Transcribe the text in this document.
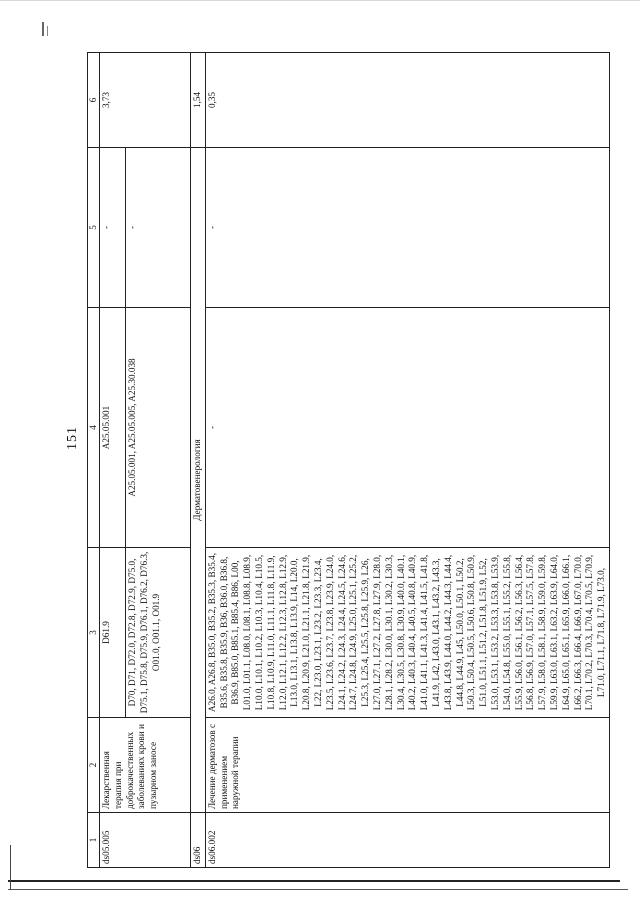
151
1	2	3	4	5	6
ds05.005	Лекарственная терапия при доброкачественных заболеваниях крови и пузырном заносе	D61.9	A25.05.001	-	3,73
		D70, D71, D72.0, D72.8, D72.9, D75.0, D75.1, D75.8, D75.9, D76.1, D76.2, D76.3, O01.0, O01.1, O01.9	A25.05.001, A25.05.005, A25.30.038	-	
ds06	Дерматовенерология				1,54
ds06.002	Лечение дерматозов с применением наружной терапии	A26.0, A26.8, B35.0, B35.2, B35.3, B35.4, B35.6, B35.8, B35.9, B36, B36.0, B36.8, B36.9, B85.0, B85.1, B85.4, B86, L00, L01.0, L01.1, L08.0, L08.1, L08.8, L08.9, L10.0, L10.1, L10.2, L10.3, L10.4, L10.5, L10.8, L10.9, L11.0, L11.1, L11.8, L11.9, L12.0, L12.1, L12.2, L12.3, L12.8, L12.9, L13.0, L13.1, L13.8, L13.9, L14, L20.0, L20.8, L20.9, L21.0, L21.1, L21.8, L21.9, L22, L23.0, L23.1, L23.2, L23.3, L23.4, L23.5, L23.6, L23.7, L23.8, L23.9, L24.0, L24.1, L24.2, L24.3, L24.4, L24.5, L24.6, L24.7, L24.8, L24.9, L25.0, L25.1, L25.2, L25.3, L25.4, L25.5, L25.8, L25.9, L26, L27.0, L27.1, L27.2, L27.8, L27.9, L28.0, L28.1, L28.2, L30.0, L30.1, L30.2, L30.3, L30.4, L30.5, L30.8, L30.9, L40.0, L40.1, L40.2, L40.3, L40.4, L40.5, L40.8, L40.9, L41.0, L41.1, L41.3, L41.4, L41.5, L41.8, L41.9, L42, L43.0, L43.1, L43.2, L43.3, L43.8, L43.9, L44.0, L44.2, L44.3, L44.4, L44.8, L44.9, L45, L50.0, L50.1, L50.2, L50.3, L50.4, L50.5, L50.6, L50.8, L50.9, L51.0, L51.1, L51.2, L51.8, L51.9, L52, L53.0, L53.1, L53.2, L53.3, L53.8, L53.9, L54.0, L54.8, L55.0, L55.1, L55.2, L55.8, L55.9, L56.0, L56.1, L56.2, L56.3, L56.4, L56.8, L56.9, L57.0, L57.1, L57.5, L57.8, L57.9, L58.0, L58.1, L58.9, L59.0, L59.8, L59.9, L63.0, L63.1, L63.2, L63.9, L64.0, L64.9, L65.0, L65.1, L65.9, L66.0, L66.1, L66.2, L66.3, L66.4, L66.9, L67.0, L70.0, L70.1, L70.2, L70.3, L70.4, L70.5, L70.9, L71.0, L71.1, L71.8, L71.9, L73.0,	-	-	0,35
